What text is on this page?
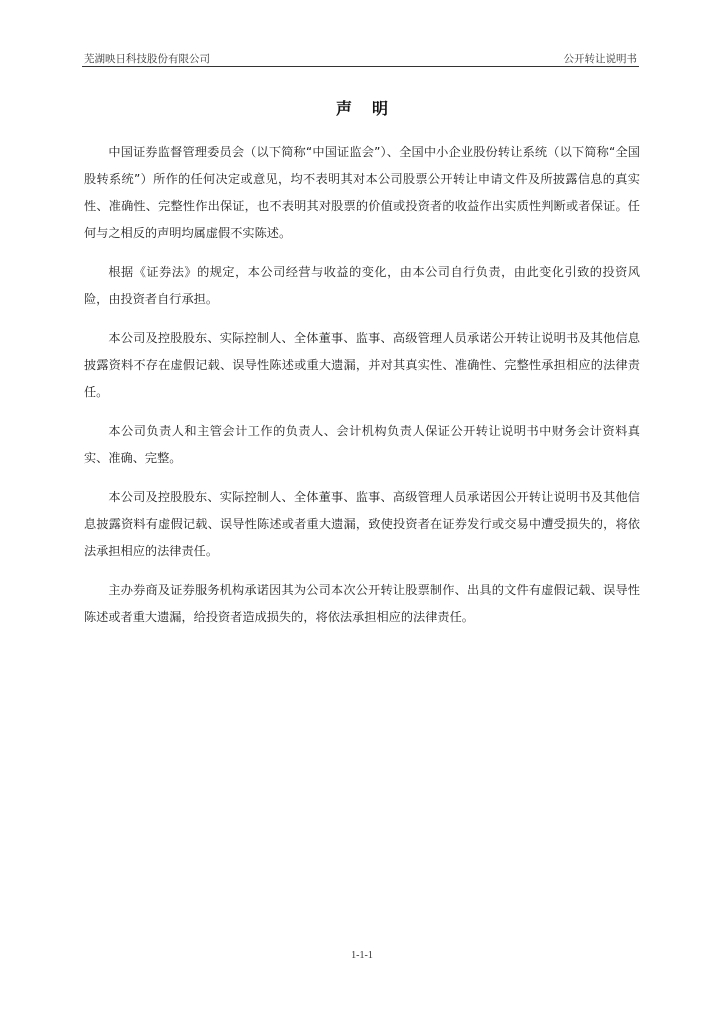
芜湖映日科技股份有限公司	公开转让说明书
声明

中国证券监督管理委员会（以下简称“中国证监会”）、全国中小企业股份转让系统（以下简称“全国股转系统”）所作的任何决定或意见，均不表明其对本公司股票公开转让申请文件及所披露信息的真实性、准确性、完整性作出保证，也不表明其对股票的价值或投资者的收益作出实质性判断或者保证。任何与之相反的声明均属虚假不实陈述。

根据《证券法》的规定，本公司经营与收益的变化，由本公司自行负责，由此变化引致的投资风险，由投资者自行承担。

本公司及控股股东、实际控制人、全体董事、监事、高级管理人员承诺公开转让说明书及其他信息披露资料不存在虚假记载、误导性陈述或重大遗漏，并对其真实性、准确性、完整性承担相应的法律责任。

本公司负责人和主管会计工作的负责人、会计机构负责人保证公开转让说明书中财务会计资料真实、准确、完整。

本公司及控股股东、实际控制人、全体董事、监事、高级管理人员承诺因公开转让说明书及其他信息披露资料有虚假记载、误导性陈述或者重大遗漏，致使投资者在证券发行或交易中遭受损失的，将依法承担相应的法律责任。

主办券商及证券服务机构承诺因其为公司本次公开转让股票制作、出具的文件有虚假记载、误导性陈述或者重大遗漏，给投资者造成损失的，将依法承担相应的法律责任。

1-1-1
